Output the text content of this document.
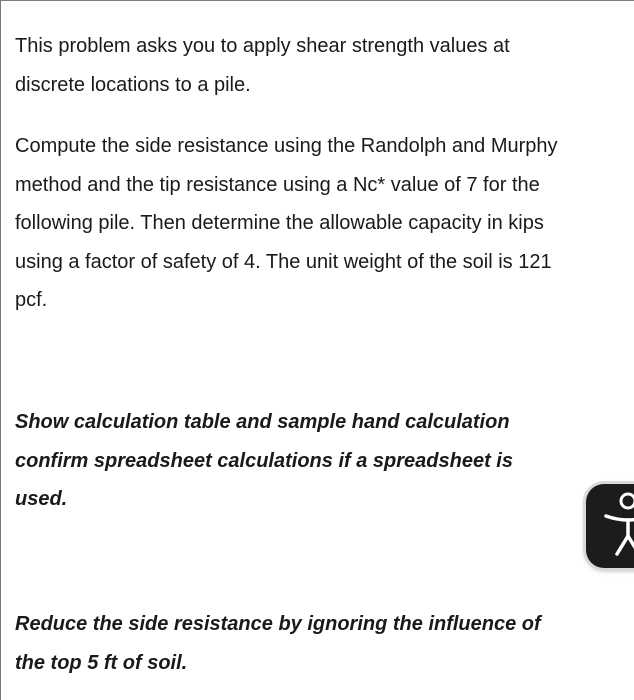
This problem asks you to apply shear strength values at
discrete locations to a pile.

Compute the side resistance using the Randolph and Murphy
method and the tip resistance using a Nc* value of 7 for the
following pile. Then determine the allowable capacity in kips
using a factor of safety of 4. The unit weight of the soil is 121
pcf.

Show calculation table and sample hand calculation
confirm spreadsheet calculations if a spreadsheet is
used.

Reduce the side resistance by ignoring the influence of
the top 5 ft of soil.
